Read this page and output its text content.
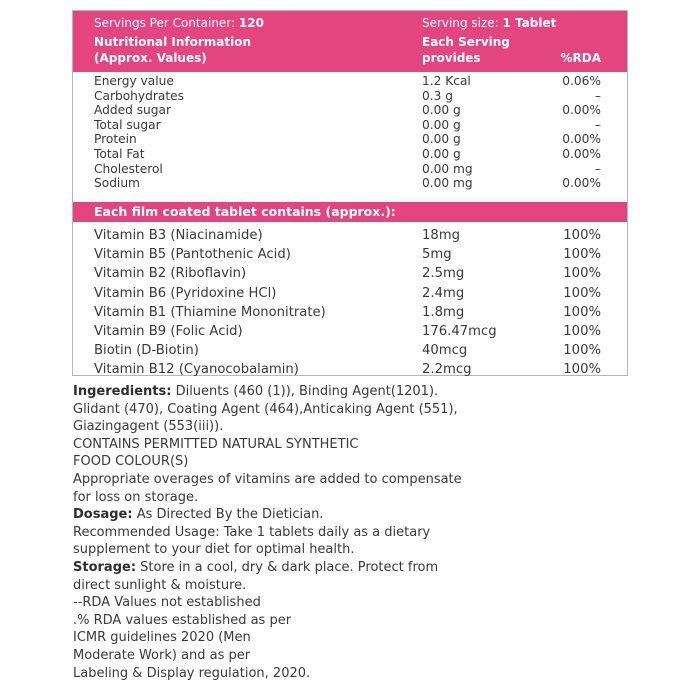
Servings Per Container: 120
Nutritional Information
(Approx. Values)
Serving size: 1 Tablet
Each Serving
provides	%RDA
Energy value	1.2 Kcal	0.06%
Carbohydrates	0.3 g	–
Added sugar	0.00 g	0.00%
Total sugar	0.00 g	–
Protein	0.00 g	0.00%
Total Fat	0.00 g	0.00%
Cholesterol	0.00 mg	–
Sodium	0.00 mg	0.00%
Each film coated tablet contains (approx.):
Vitamin B3 (Niacinamide)	18mg	100%
Vitamin B5 (Pantothenic Acid)	5mg	100%
Vitamin B2 (Riboflavin)	2.5mg	100%
Vitamin B6 (Pyridoxine HCl)	2.4mg	100%
Vitamin B1 (Thiamine Mononitrate)	1.8mg	100%
Vitamin B9 (Folic Acid)	176.47mcg	100%
Biotin (D-Biotin)	40mcg	100%
Vitamin B12 (Cyanocobalamin)	2.2mcg	100%

Ingeredients: Diluents (460 (1)), Binding Agent(1201).

Glidant (470), Coating Agent (464),Anticaking Agent (551),

Giazingagent (553(iii)).

CONTAINS PERMITTED NATURAL SYNTHETIC

FOOD COLOUR(S)

Appropriate overages of vitamins are added to compensate

for loss on storage.

Dosage: As Directed By the Dietician.

Recommended Usage: Take 1 tablets daily as a dietary

supplement to your diet for optimal health.

Storage: Store in a cool, dry & dark place. Protect from

direct sunlight & moisture.

--RDA Values not established

.% RDA values established as per

ICMR guidelines 2020 (Men

Moderate Work) and as per

Labeling & Display regulation, 2020.
